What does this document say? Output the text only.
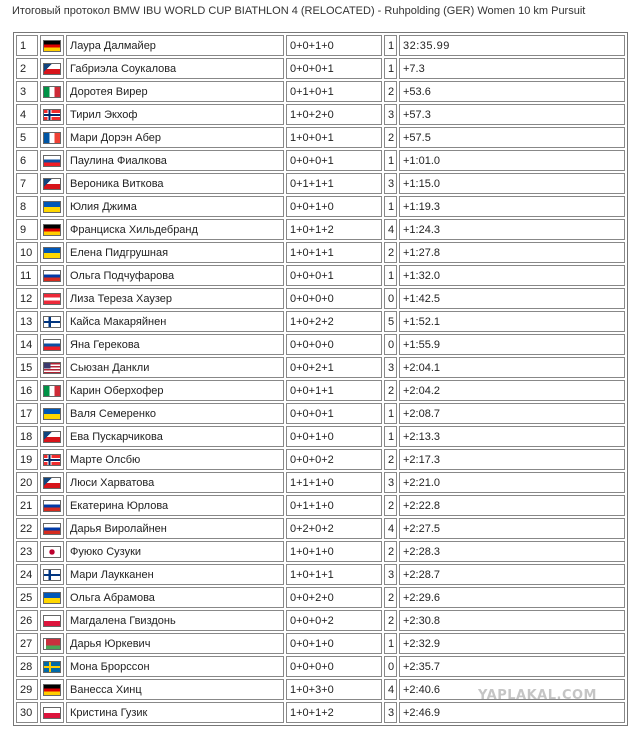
Итоговый протокол BMW IBU WORLD CUP BIATHLON 4 (RELOCATED) - Ruhpolding (GER) Women 10 km Pursuit
1		Лаура Далмайер	0+0+1+0	1	32:35.99
2		Габриэла Соукалова	0+0+0+1	1	+7.3
3		Доротея Вирер	0+1+0+1	2	+53.6
4		Тирил Экхоф	1+0+2+0	3	+57.3
5		Мари Дорэн Абер	1+0+0+1	2	+57.5
6		Паулина Фиалкова	0+0+0+1	1	+1:01.0
7		Вероника Виткова	0+1+1+1	3	+1:15.0
8		Юлия Джима	0+0+1+0	1	+1:19.3
9		Франциска Хильдебранд	1+0+1+2	4	+1:24.3
10		Елена Пидгрушная	1+0+1+1	2	+1:27.8
11		Ольга Подчуфарова	0+0+0+1	1	+1:32.0
12		Лиза Тереза Хаузер	0+0+0+0	0	+1:42.5
13		Кайса Макаряйнен	1+0+2+2	5	+1:52.1
14		Яна Герекова	0+0+0+0	0	+1:55.9
15		Сьюзан Данкли	0+0+2+1	3	+2:04.1
16		Карин Оберхофер	0+0+1+1	2	+2:04.2
17		Валя Семеренко	0+0+0+1	1	+2:08.7
18		Ева Пускарчикова	0+0+1+0	1	+2:13.3
19		Марте Олсбю	0+0+0+2	2	+2:17.3
20		Люси Харватова	1+1+1+0	3	+2:21.0
21		Екатерина Юрлова	0+1+1+0	2	+2:22.8
22		Дарья Виролайнен	0+2+0+2	4	+2:27.5
23		Фуюко Сузуки	1+0+1+0	2	+2:28.3
24		Мари Лаукканен	1+0+1+1	3	+2:28.7
25		Ольга Абрамова	0+0+2+0	2	+2:29.6
26		Магдалена Гвиздонь	0+0+0+2	2	+2:30.8
27		Дарья Юркевич	0+0+1+0	1	+2:32.9
28		Мона Брорссон	0+0+0+0	0	+2:35.7
29		Ванесса Хинц	1+0+3+0	4	+2:40.6
30		Кристина Гузик	1+0+1+2	3	+2:46.9
YAPLAKAL.COM
